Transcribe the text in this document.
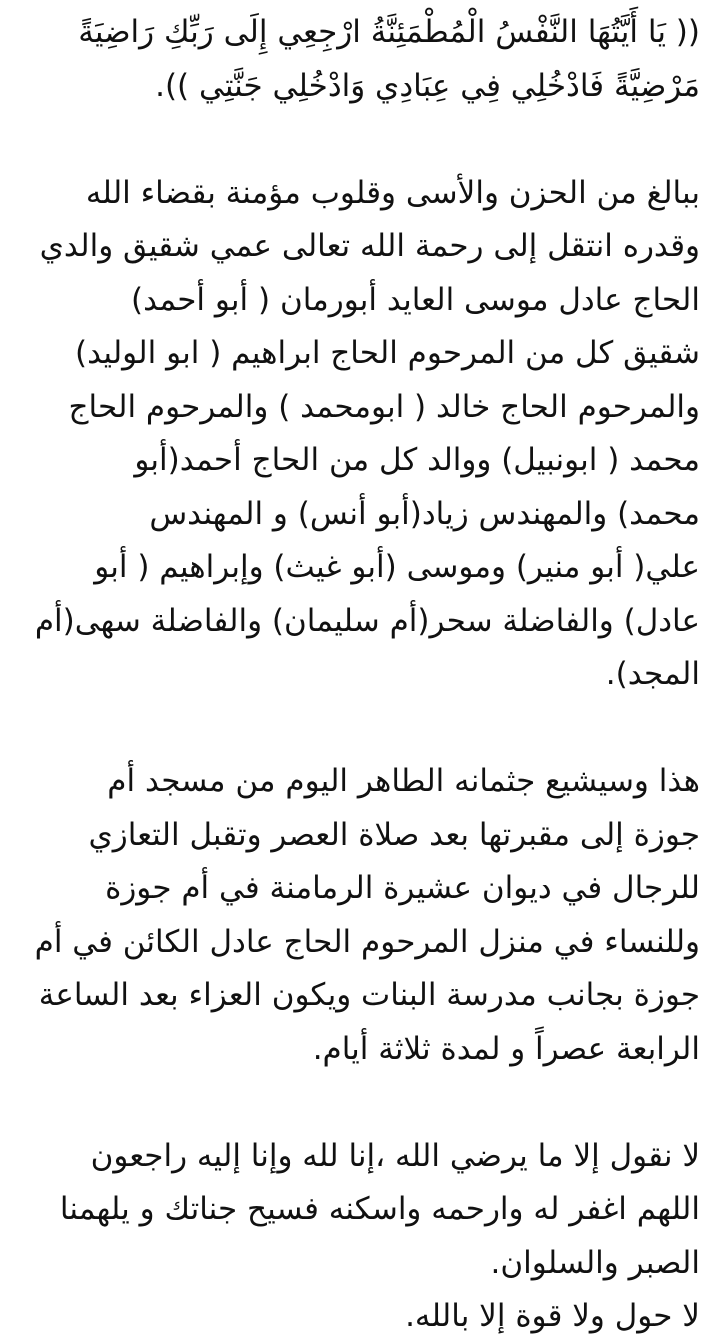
(( يَا أَيَّتُهَا النَّفْسُ الْمُطْمَئِنَّةُ ارْجِعِي إِلَى رَبِّكِ رَاضِيَةً
مَرْضِيَّةً فَادْخُلِي فِي عِبَادِي وَادْخُلِي جَنَّتِي )).
ببالغ من الحزن والأسى وقلوب مؤمنة بقضاء الله
وقدره انتقل إلى رحمة الله تعالى عمي شقيق والدي
الحاج عادل موسى العايد أبورمان ( أبو أحمد)
شقيق كل من المرحوم الحاج ابراهيم ( ابو الوليد)
والمرحوم الحاج خالد ( ابومحمد ) والمرحوم الحاج
محمد ( ابونبيل) ووالد كل من الحاج أحمد(أبو
محمد) والمهندس زياد(أبو أنس) و المهندس
علي( أبو منير) وموسى (أبو غيث) وإبراهيم ( أبو
عادل) والفاضلة سحر(أم سليمان) والفاضلة سهى(أم
المجد).
هذا وسيشيع جثمانه الطاهر اليوم من مسجد أم
جوزة إلى مقبرتها بعد صلاة العصر وتقبل التعازي
للرجال في ديوان عشيرة الرمامنة في أم جوزة
وللنساء في منزل المرحوم الحاج عادل الكائن في أم
جوزة بجانب مدرسة البنات ويكون العزاء بعد الساعة
الرابعة عصراً و لمدة ثلاثة أيام.
لا نقول إلا ما يرضي الله ،إنا لله وإنا إليه راجعون
اللهم اغفر له وارحمه واسكنه فسيح جناتك و يلهمنا
الصبر والسلوان.
لا حول ولا قوة إلا بالله.
